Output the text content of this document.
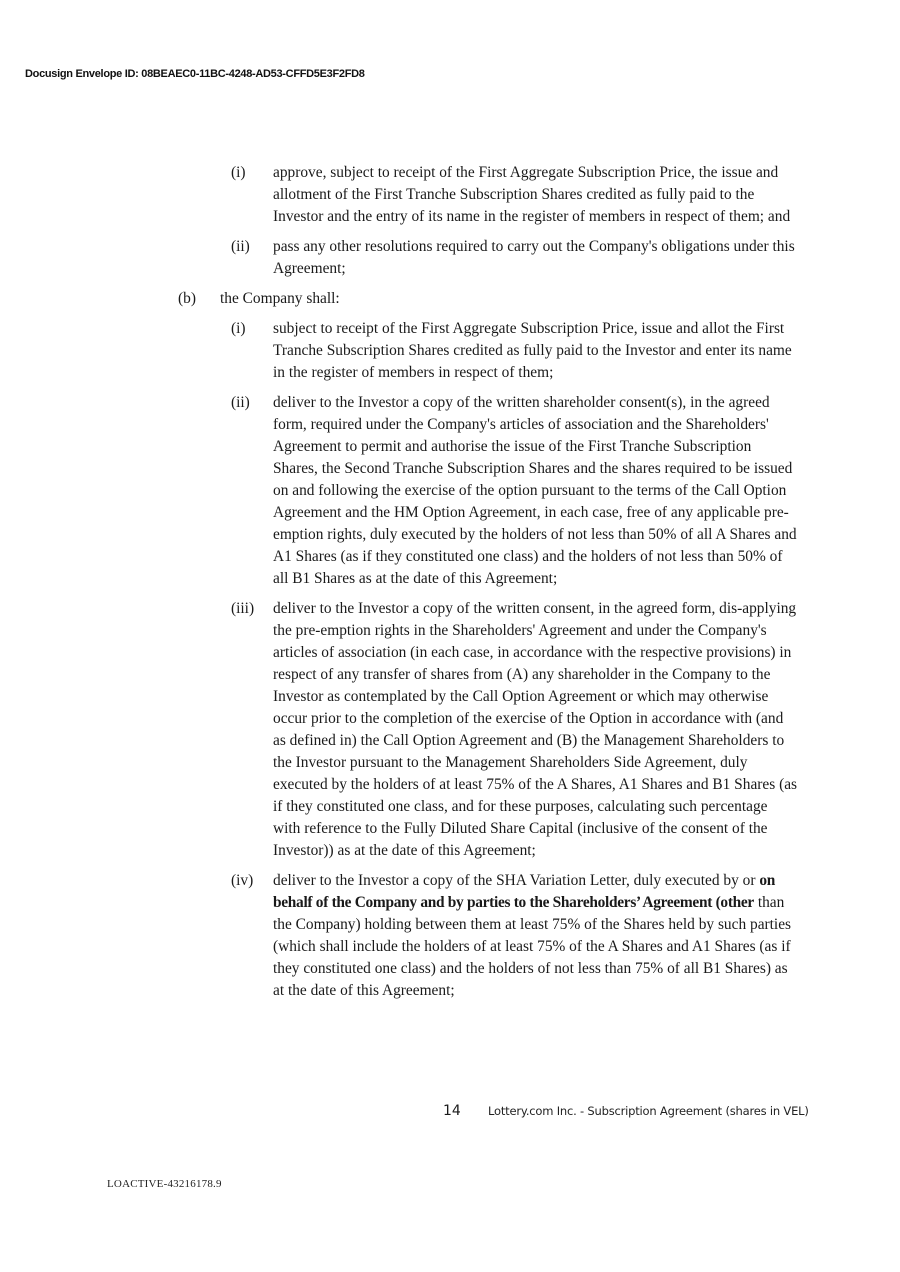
Docusign Envelope ID: 08BEAEC0-11BC-4248-AD53-CFFD5E3F2FD8
(i) approve, subject to receipt of the First Aggregate Subscription Price, the issue and allotment of the First Tranche Subscription Shares credited as fully paid to the Investor and the entry of its name in the register of members in respect of them; and
(ii) pass any other resolutions required to carry out the Company's obligations under this Agreement;
(b) the Company shall:
(i) subject to receipt of the First Aggregate Subscription Price, issue and allot the First Tranche Subscription Shares credited as fully paid to the Investor and enter its name in the register of members in respect of them;
(ii) deliver to the Investor a copy of the written shareholder consent(s), in the agreed form, required under the Company's articles of association and the Shareholders' Agreement to permit and authorise the issue of the First Tranche Subscription Shares, the Second Tranche Subscription Shares and the shares required to be issued on and following the exercise of the option pursuant to the terms of the Call Option Agreement and the HM Option Agreement, in each case, free of any applicable pre-emption rights, duly executed by the holders of not less than 50% of all A Shares and A1 Shares (as if they constituted one class) and the holders of not less than 50% of all B1 Shares as at the date of this Agreement;
(iii) deliver to the Investor a copy of the written consent, in the agreed form, dis-applying the pre-emption rights in the Shareholders' Agreement and under the Company's articles of association (in each case, in accordance with the respective provisions) in respect of any transfer of shares from (A) any shareholder in the Company to the Investor as contemplated by the Call Option Agreement or which may otherwise occur prior to the completion of the exercise of the Option in accordance with (and as defined in) the Call Option Agreement and (B) the Management Shareholders to the Investor pursuant to the Management Shareholders Side Agreement, duly executed by the holders of at least 75% of the A Shares, A1 Shares and B1 Shares (as if they constituted one class, and for these purposes, calculating such percentage with reference to the Fully Diluted Share Capital (inclusive of the consent of the Investor)) as at the date of this Agreement;
(iv) deliver to the Investor a copy of the SHA Variation Letter, duly executed by or on behalf of the Company and by parties to the Shareholders’ Agreement (other than the Company) holding between them at least 75% of the Shares held by such parties (which shall include the holders of at least 75% of the A Shares and A1 Shares (as if they constituted one class) and the holders of not less than 75% of all B1 Shares) as at the date of this Agreement;
14 Lottery.com Inc. - Subscription Agreement (shares in VEL)
LOACTIVE-43216178.9
